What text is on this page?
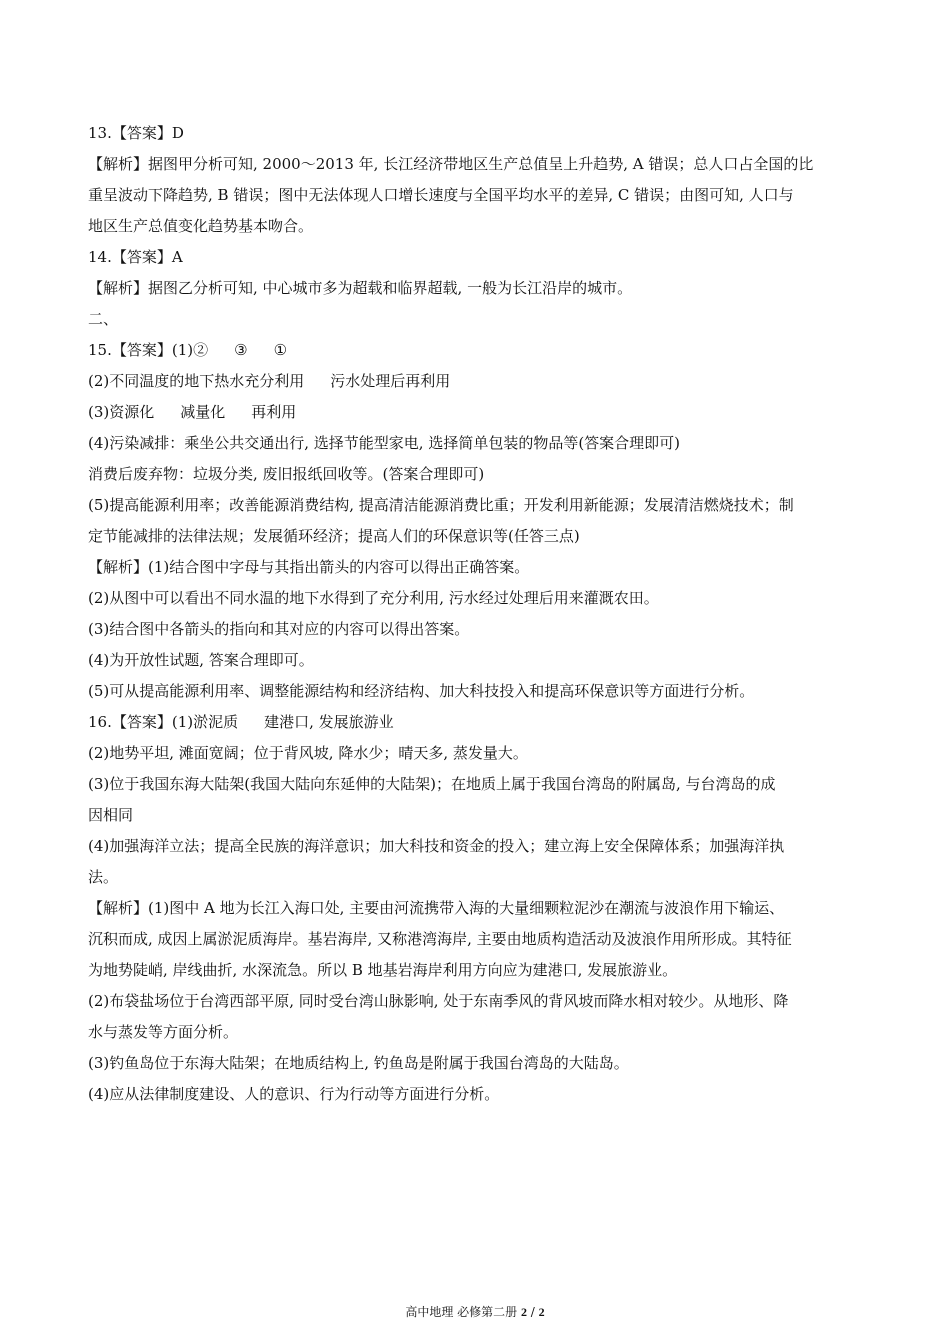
13.【答案】D
【解析】据图甲分析可知, 2000～2013 年, 长江经济带地区生产总值呈上升趋势, A 错误；总人口占全国的比
重呈波动下降趋势, B 错误；图中无法体现人口增长速度与全国平均水平的差异, C 错误；由图可知, 人口与
地区生产总值变化趋势基本吻合。
14.【答案】A
【解析】据图乙分析可知, 中心城市多为超载和临界超载, 一般为长江沿岸的城市。
二、
15.【答案】(1)② ③ ①
(2)不同温度的地下热水充分利用 污水处理后再利用
(3)资源化 减量化 再利用
(4)污染减排：乘坐公共交通出行, 选择节能型家电, 选择简单包装的物品等(答案合理即可)
消费后废弃物：垃圾分类, 废旧报纸回收等。(答案合理即可)
(5)提高能源利用率；改善能源消费结构, 提高清洁能源消费比重；开发利用新能源；发展清洁燃烧技术；制
定节能减排的法律法规；发展循环经济；提高人们的环保意识等(任答三点)
【解析】(1)结合图中字母与其指出箭头的内容可以得出正确答案。
(2)从图中可以看出不同水温的地下水得到了充分利用, 污水经过处理后用来灌溉农田。
(3)结合图中各箭头的指向和其对应的内容可以得出答案。
(4)为开放性试题, 答案合理即可。
(5)可从提高能源利用率、调整能源结构和经济结构、加大科技投入和提高环保意识等方面进行分析。
16.【答案】(1)淤泥质 建港口, 发展旅游业
(2)地势平坦, 滩面宽阔；位于背风坡, 降水少；晴天多, 蒸发量大。
(3)位于我国东海大陆架(我国大陆向东延伸的大陆架)；在地质上属于我国台湾岛的附属岛, 与台湾岛的成
因相同
(4)加强海洋立法；提高全民族的海洋意识；加大科技和资金的投入；建立海上安全保障体系；加强海洋执
法。
【解析】(1)图中 A 地为长江入海口处, 主要由河流携带入海的大量细颗粒泥沙在潮流与波浪作用下输运、
沉积而成, 成因上属淤泥质海岸。基岩海岸, 又称港湾海岸, 主要由地质构造活动及波浪作用所形成。其特征
为地势陡峭, 岸线曲折, 水深流急。所以 B 地基岩海岸利用方向应为建港口, 发展旅游业。
(2)布袋盐场位于台湾西部平原, 同时受台湾山脉影响, 处于东南季风的背风坡而降水相对较少。从地形、降
水与蒸发等方面分析。
(3)钓鱼岛位于东海大陆架；在地质结构上, 钓鱼岛是附属于我国台湾岛的大陆岛。
(4)应从法律制度建设、人的意识、行为行动等方面进行分析。
高中地理 必修第二册 2 / 2
